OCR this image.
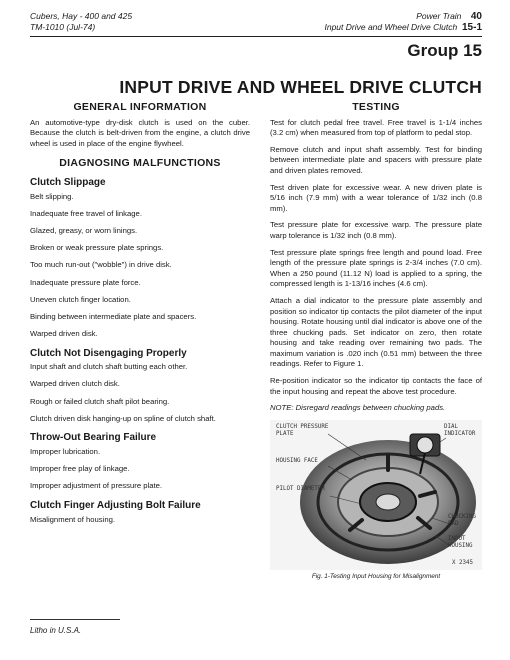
Cubers, Hay - 400 and 425
TM-1010 (Jul-74)
Power Train 40
Input Drive and Wheel Drive Clutch 15-1
Group 15
INPUT DRIVE AND WHEEL DRIVE CLUTCH
GENERAL INFORMATION

An automotive-type dry-disk clutch is used on the cuber. Because the clutch is belt-driven from the engine, a clutch drive wheel is used in place of the engine flywheel.

DIAGNOSING MALFUNCTIONS
Clutch Slippage
Belt slipping.
Inadequate free travel of linkage.
Glazed, greasy, or worn linings.
Broken or weak pressure plate springs.
Too much run-out ("wobble") in drive disk.
Inadequate pressure plate force.
Uneven clutch finger location.
Binding between intermediate plate and spacers.
Warped driven disk.
Clutch Not Disengaging Properly
Input shaft and clutch shaft butting each other.
Warped driven clutch disk.
Rough or failed clutch shaft pilot bearing.
Clutch driven disk hanging-up on spline of clutch shaft.
Throw-Out Bearing Failure
Improper lubrication.
Improper free play of linkage.
Improper adjustment of pressure plate.
Clutch Finger Adjusting Bolt Failure
Misalignment of housing.
TESTING

Test for clutch pedal free travel. Free travel is 1-1/4 inches (3.2 cm) when measured from top of platform to pedal stop.

Remove clutch and input shaft assembly. Test for binding between intermediate plate and spacers with pressure plate and driven plates removed.

Test driven plate for excessive wear. A new driven plate is 5/16 inch (7.9 mm) with a wear tolerance of 1/32 inch (0.8 mm).

Test pressure plate for excessive warp. The pressure plate warp tolerance is 1/32 inch (0.8 mm).

Test pressure plate springs free length and pound load. Free length of the pressure plate springs is 2-3/4 inches (7.0 cm). When a 250 pound (11.12 N) load is applied to a spring, the compressed length is 1-13/16 inches (4.6 cm).

Attach a dial indicator to the pressure plate assembly and position so indicator tip contacts the pilot diameter of the input housing. Rotate housing until dial indicator is above one of the three chucking pads. Set indicator on zero, then rotate housing and take reading over remaining two pads. The maximum variation is .020 inch (0.51 mm) between the three readings. Refer to Figure 1.

Re-position indicator so the indicator tip contacts the face of the input housing and repeat the above test procedure.

NOTE: Disregard readings between chucking pads.

CLUTCH PRESSURE PLATE
DIAL INDICATOR
HOUSING FACE
PILOT DIAMETER
CHUCKING PAD
INPUT HOUSING
X 2345
Fig. 1-Testing Input Housing for Misalignment
Litho in U.S.A.
